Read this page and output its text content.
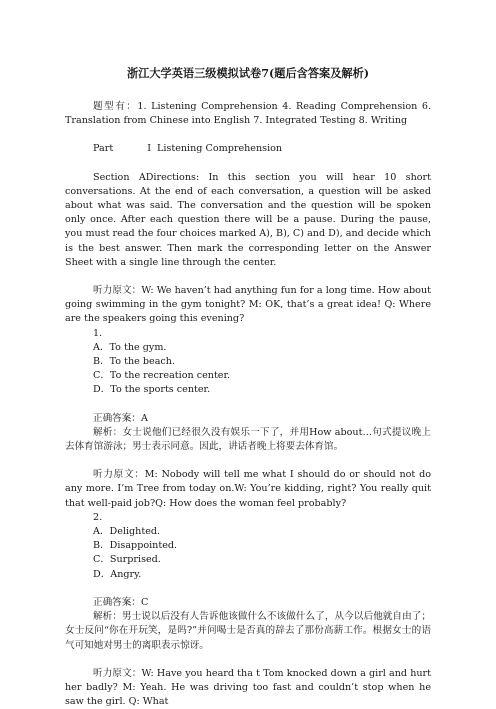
浙江大学英语三级模拟试卷7(题后含答案及解析)

题型有：1. Listening Comprehension 4. Reading Comprehension 6. Translation from Chinese into English 7. Integrated Testing 8. Writing

Part	Ⅰ Listening Comprehension

Section ADirections: In this section you will hear 10 short conversations. At the end of each conversation, a question will be asked about what was said. The conversation and the question will be spoken only once. After each question there will be a pause. During the pause, you must read the four choices marked A), B), C) and D), and decide which is the best answer. Then mark the corresponding letter on the Answer Sheet with a single line through the center.

听力原文：W: We haven’t had anything fun for a long time. How about going swimming in the gym tonight? M: OK, that’s a great idea! Q: Where are the speakers going this evening?

1.
A．To the gym.
B．To the beach.
C．To the recreation center.
D．To the sports center.

正确答案：A

解析：女士说他们已经很久没有娱乐一下了，并用How about…句式提议晚上去体育馆游泳；男士表示同意。因此，讲话者晚上将要去体育馆。

听力原文：M: Nobody will tell me what I should do or should not do any more. I’m Tree from today on.W: You’re kidding, right? You really quit that well-paid job?Q: How does the woman feel probably?

2.
A．Delighted.
B．Disappointed.
C．Surprised.
D．Angry.

正确答案：C

解析：男士说以后没有人告诉他该做什么不该做什么了，从今以后他就自由了；女士反问“你在开玩笑，是吗?”并问喝士是否真的辞去了那份高薪工作。根据女士的语气可知她对男士的离职表示惊讶。

听力原文：W: Have you heard tha t Tom knocked down a girl and hurt her badly? M: Yeah. He was driving too fast and couldn’t stop when he saw the girl. Q: What
